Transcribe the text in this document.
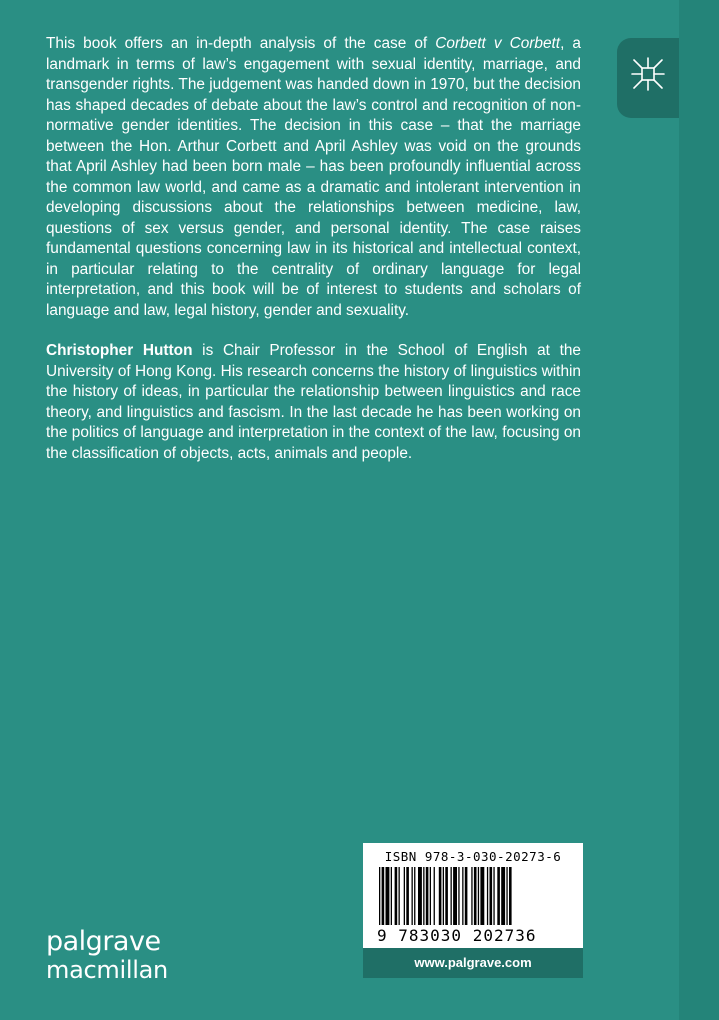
This book offers an in-depth analysis of the case of Corbett v Corbett, a landmark in terms of law’s engagement with sexual identity, marriage, and transgender rights. The judgement was handed down in 1970, but the decision has shaped decades of debate about the law’s control and recognition of non-normative gender identities. The decision in this case – that the marriage between the Hon. Arthur Corbett and April Ashley was void on the grounds that April Ashley had been born male – has been profoundly influential across the common law world, and came as a dramatic and intolerant intervention in developing discussions about the relationships between medicine, law, questions of sex versus gender, and personal identity. The case raises fundamental questions concerning law in its historical and intellectual context, in particular relating to the centrality of ordinary language for legal interpretation, and this book will be of interest to students and scholars of language and law, legal history, gender and sexuality.

Christopher Hutton is Chair Professor in the School of English at the University of Hong Kong. His research concerns the history of linguistics within the history of ideas, in particular the relationship between linguistics and race theory, and linguistics and fascism. In the last decade he has been working on the politics of language and interpretation in the context of the law, focusing on the classification of objects, acts, animals and people.

ISBN 978-3-030-20273-6
9 783030 202736
www.palgrave.com
palgrave
macmillan
